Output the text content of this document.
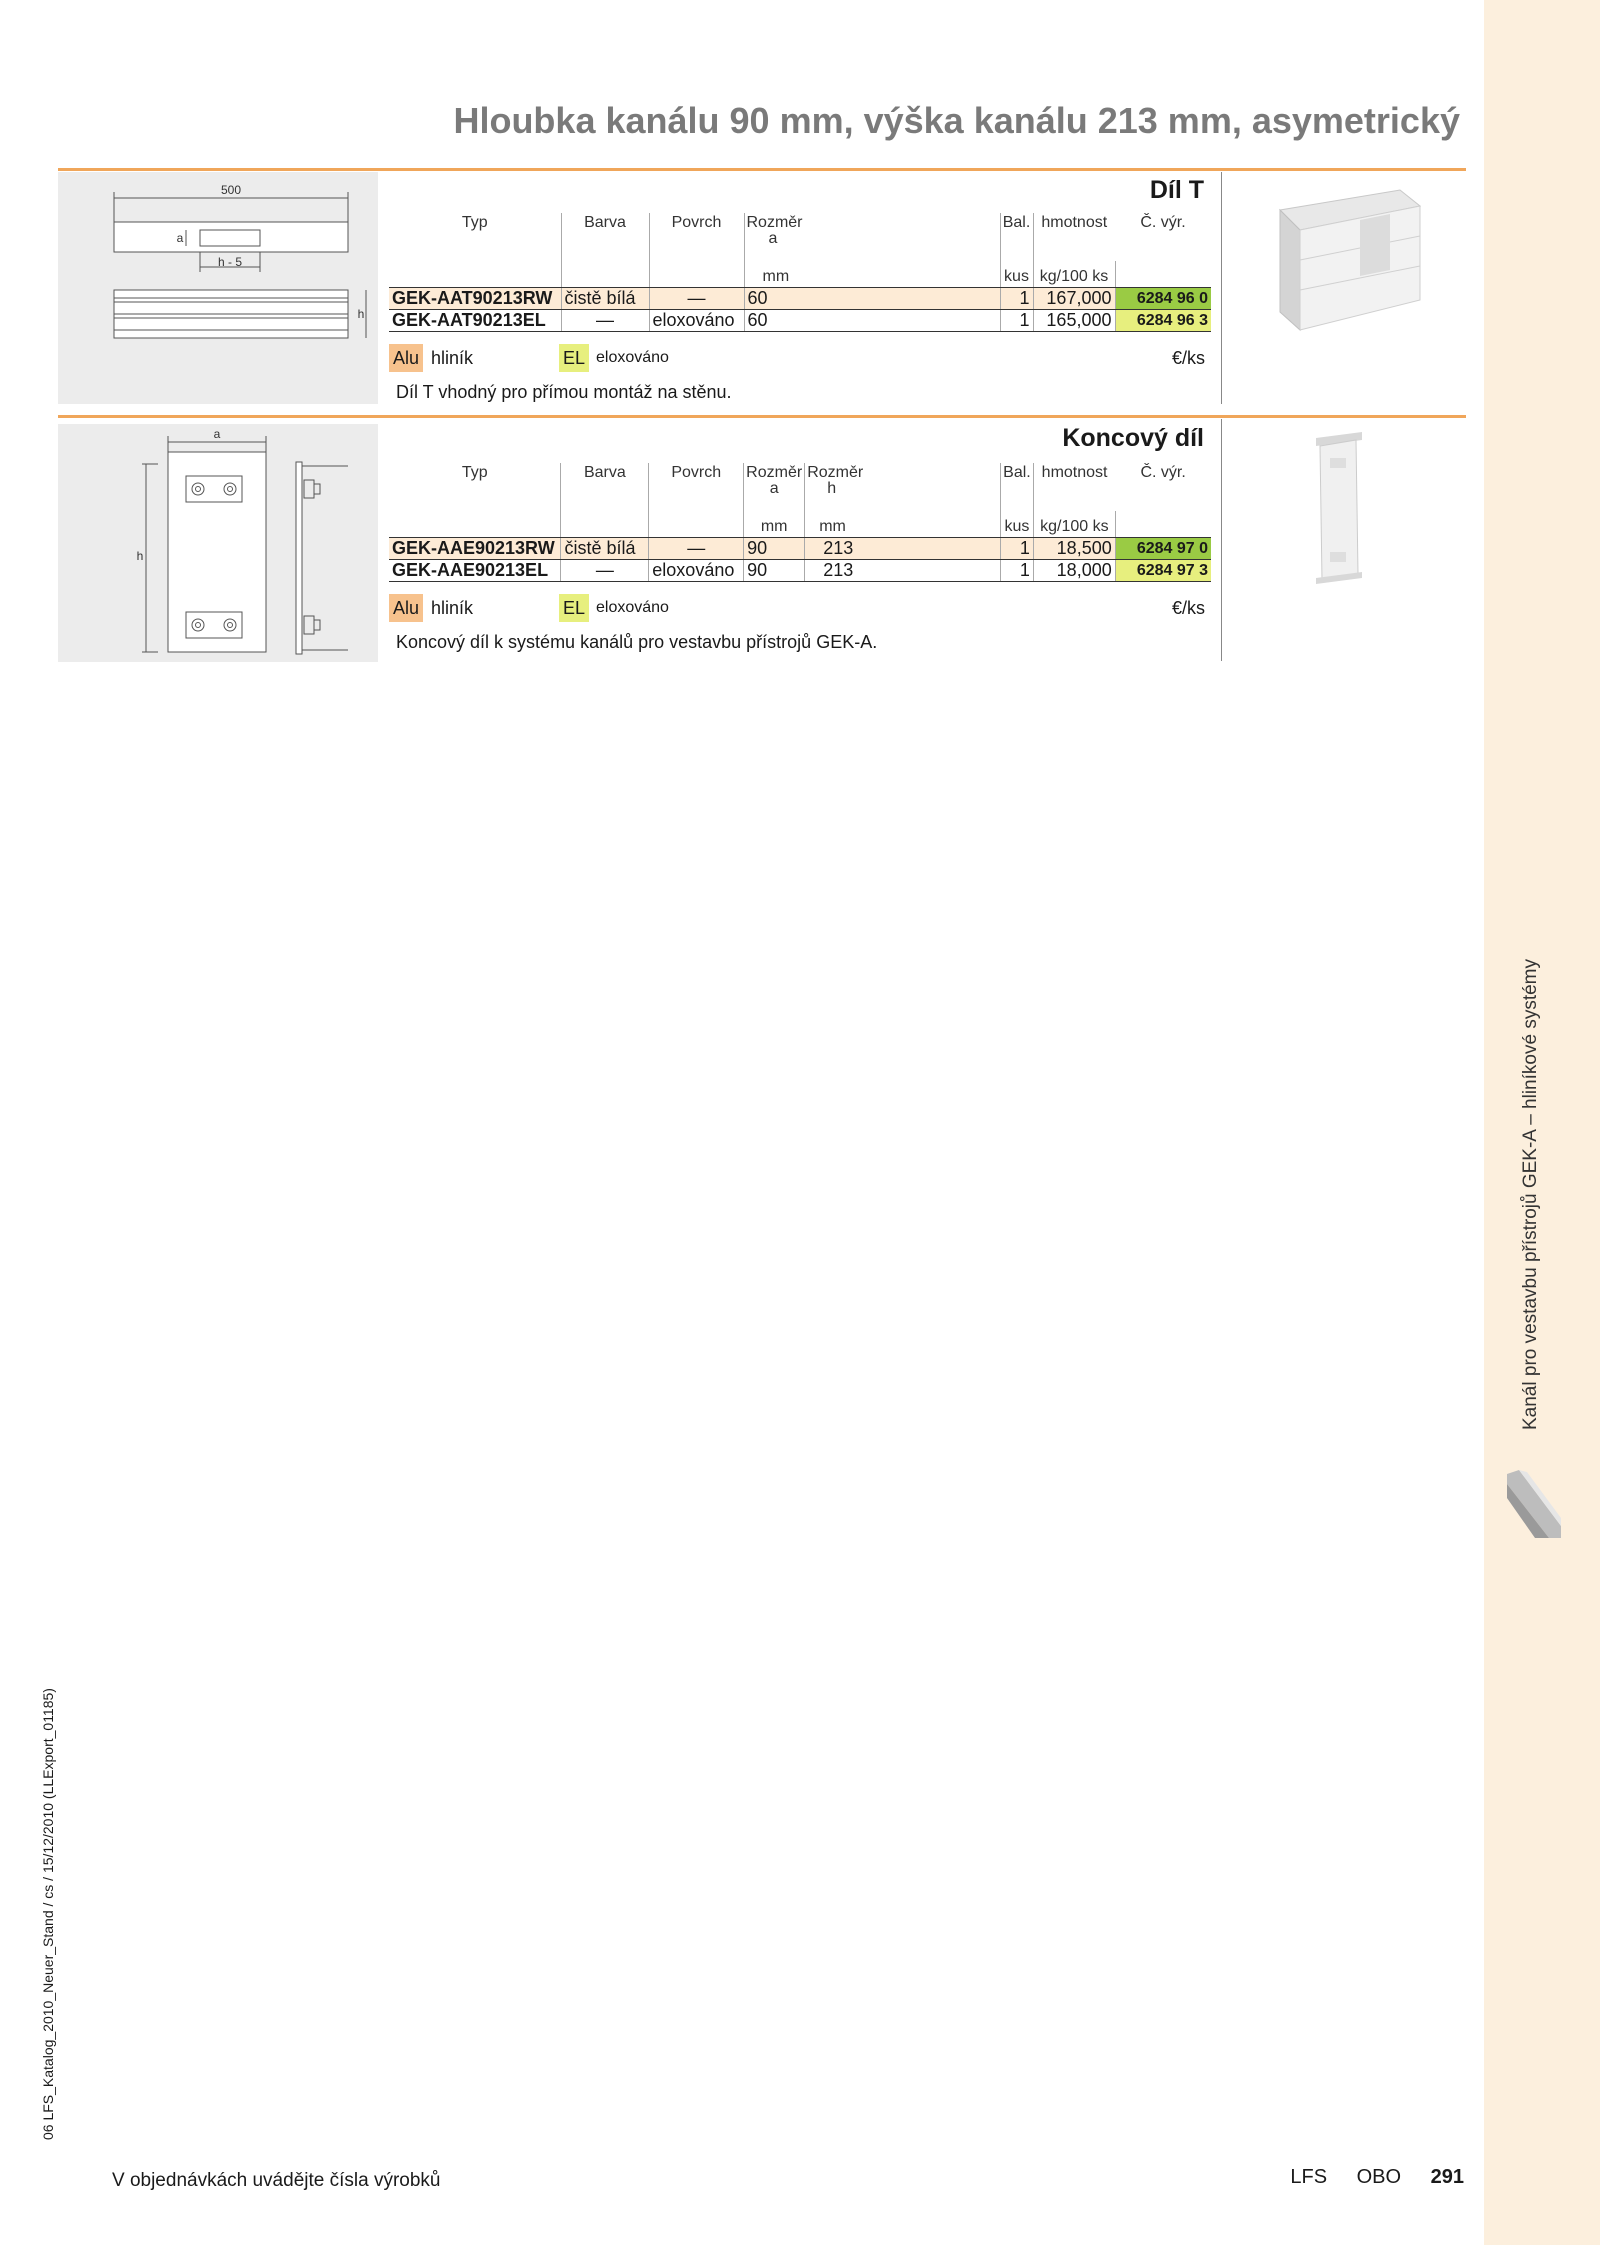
Kanál pro vestavbu přístrojů GEK-A – hliníkové systémy
Hloubka kanálu 90 mm, výška kanálu 213 mm, asymetrický
500
a
h - 5
h
Díl T
Typ	Barva	Povrch	Rozměr
a	Bal.	hmotnost	Č. výr.
			mm	kus	kg/100 ks	
GEK-AAT90213RW	čistě bílá	—	60	1	167,000	6284 96 0
GEK-AAT90213EL	—	eloxováno	60	1	165,000	6284 96 3
Alu hliník	EL eloxováno	€/ks
Díl T vhodný pro přímou montáž na stěnu.
a
h
Koncový díl
Typ	Barva	Povrch	Rozměr
a	Rozměr
h	Bal.	hmotnost	Č. výr.
			mm	mm	kus	kg/100 ks	
GEK-AAE90213RW	čistě bílá	—	90	213	1	18,500	6284 97 0
GEK-AAE90213EL	—	eloxováno	90	213	1	18,000	6284 97 3
Alu hliník	EL eloxováno	€/ks
Koncový díl k systému kanálů pro vestavbu přístrojů GEK-A.
06 LFS_Katalog_2010_Neuer_Stand / cs / 15/12/2010 (LLExport_01185)
V objednávkách uvádějte čísla výrobků	LFS OBO 291
